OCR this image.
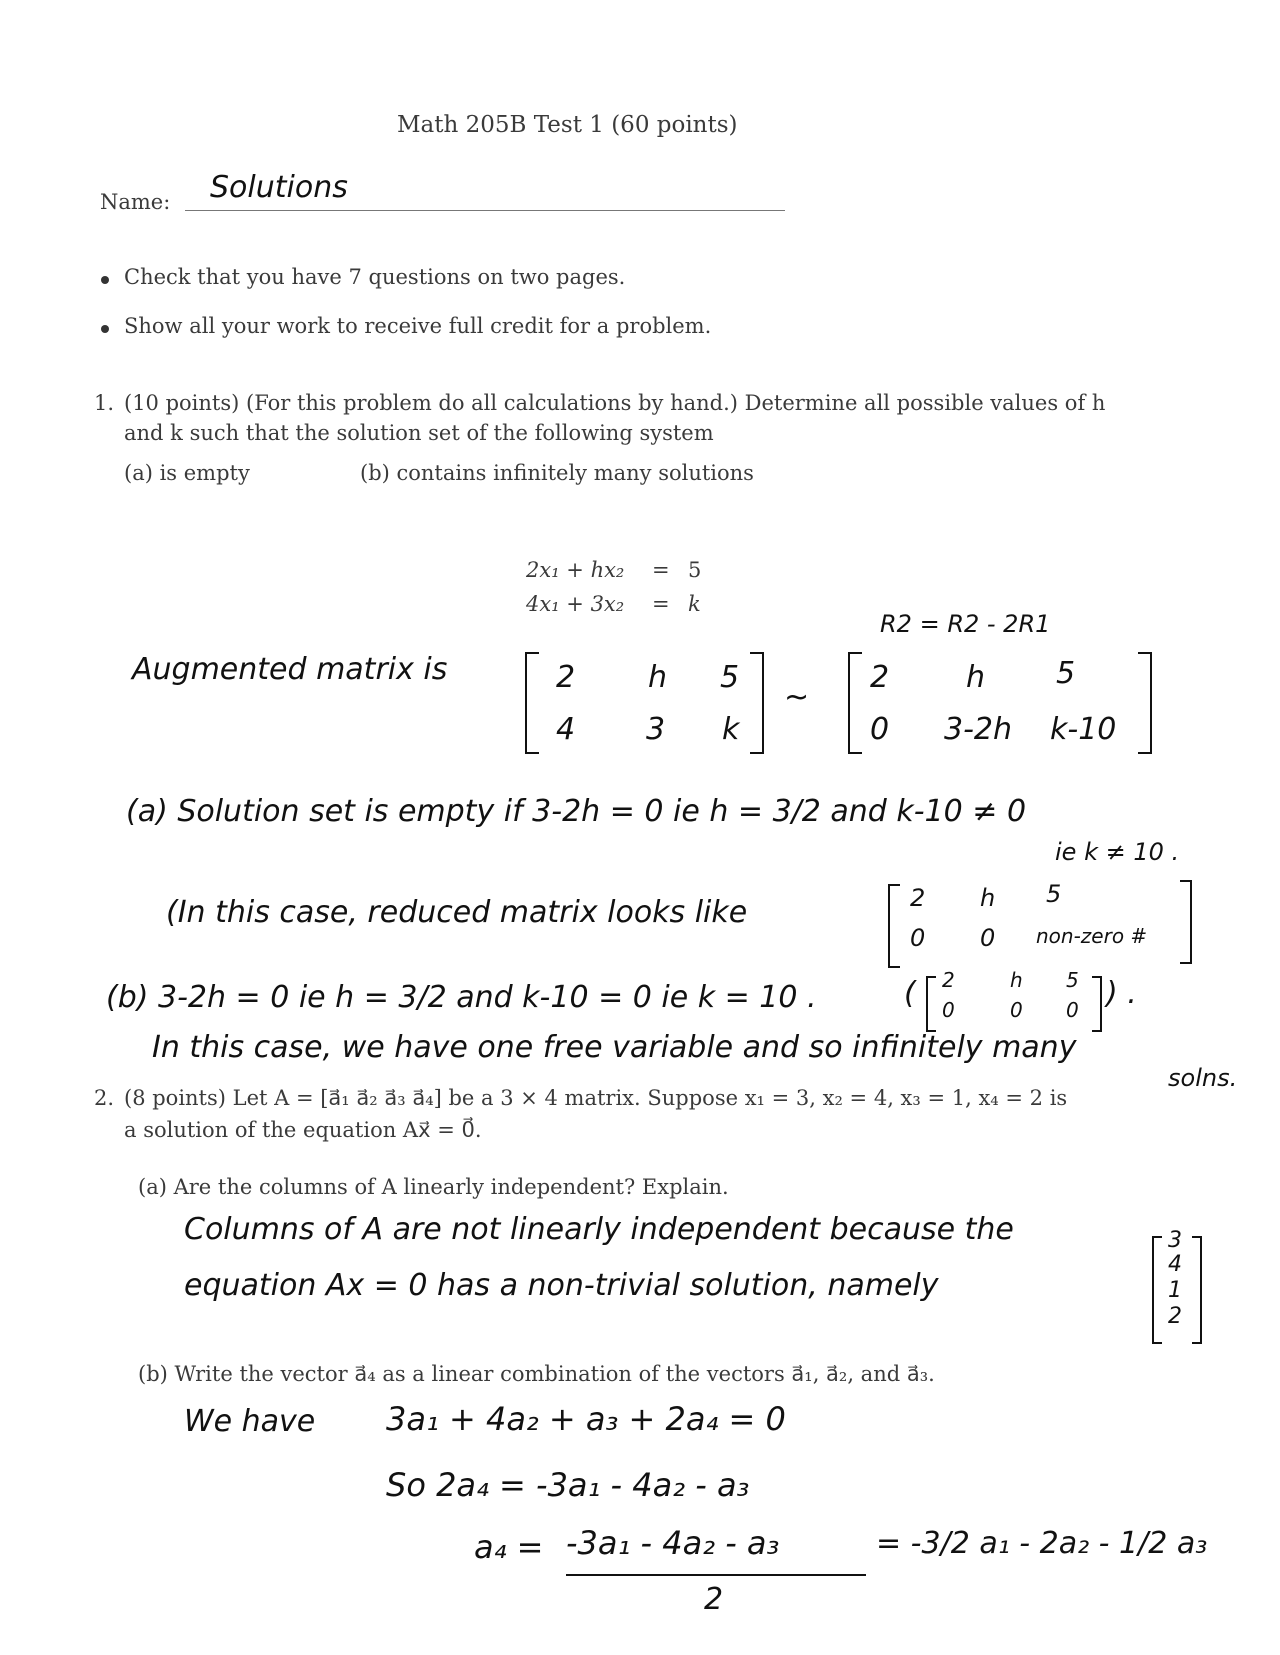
Math 205B Test 1 (60 points)
Name: Solutions
Check that you have 7 questions on two pages.
Show all your work to receive full credit for a problem.
1. (10 points) (For this problem do all calculations by hand.) Determine all possible values of h
and k such that the solution set of the following system
(a) is empty	(b) contains infinitely many solutions
2x₁ + hx₂ = 5
4x₁ + 3x₂ = k
R2 = R2 - 2R1
Augmented matrix is	2 h 5
4 3 k
~
2	h 5
0 3-2h k-10
(a) Solution set is empty if 3-2h = 0 ie h = 3/2 and k-10 ≠ 0
ie k ≠ 10 .
(In this case, reduced matrix looks like	2 h 5
0 0 non-zero #
(b) 3-2h = 0 ie h = 3/2 and k-10 = 0 ie k = 10 .	( 2	h 5
0	0 0 ) .
In this case, we have one free variable and so infinitely many
solns.
2. (8 points) Let A = [a⃗₁ a⃗₂ a⃗₃ a⃗₄] be a 3 × 4 matrix. Suppose x₁ = 3, x₂ = 4, x₃ = 1, x₄ = 2 is
a solution of the equation Ax⃗ = 0⃗.
(a) Are the columns of A linearly independent? Explain.
Columns of A are not linearly independent because the
equation Ax = 0 has a non-trivial solution, namely
3
4
1
2
(b) Write the vector a⃗₄ as a linear combination of the vectors a⃗₁, a⃗₂, and a⃗₃.
We have 3a₁ + 4a₂ + a₃ + 2a₄ = 0
So 2a₄ = -3a₁ - 4a₂ - a₃
a₄ = -3a₁ - 4a₂ - a₃
2
= -3/2 a₁ - 2a₂ - 1/2 a₃
